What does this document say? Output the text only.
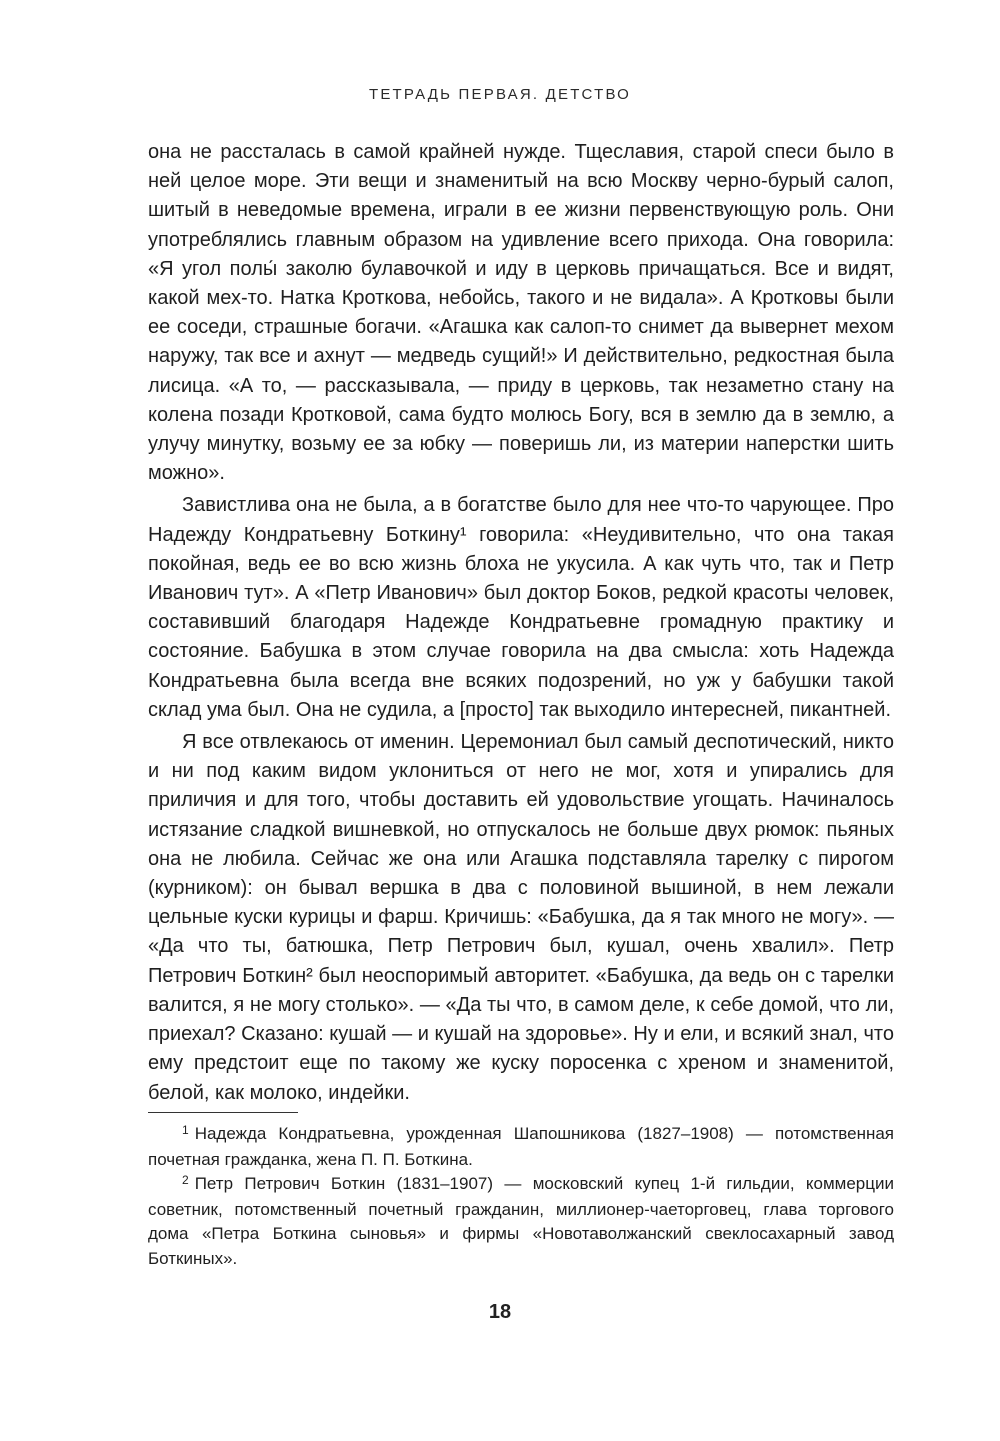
ТЕТРАДЬ ПЕРВАЯ. ДЕТСТВО

она не рассталась в самой крайней нужде. Тщеславия, старой спеси было в ней целое море. Эти вещи и знаменитый на всю Москву черно-бурый салоп, шитый в неведомые времена, играли в ее жизни первенствующую роль. Они употреблялись главным образом на удивление всего прихода. Она говорила: «Я угол полы́ заколю булавочкой и иду в церковь причащаться. Все и видят, какой мех-то. Натка Кроткова, небойсь, такого и не видала». А Кротковы были ее соседи, страшные богачи. «Агашка как салоп-то снимет да вывернет мехом наружу, так все и ахнут — медведь сущий!» И действительно, редкостная была лисица. «А то, — рассказывала, — приду в церковь, так незаметно стану на колена позади Кротковой, сама будто молюсь Богу, вся в землю да в землю, а улучу минутку, возьму ее за юбку — поверишь ли, из материи наперстки шить можно».

Завистлива она не была, а в богатстве было для нее что-то чарующее. Про Надежду Кондратьевну Боткину¹ говорила: «Неудивительно, что она такая покойная, ведь ее во всю жизнь блоха не укусила. А как чуть что, так и Петр Иванович тут». А «Петр Иванович» был доктор Боков, редкой красоты человек, составивший благодаря Надежде Кондратьевне громадную практику и состояние. Бабушка в этом случае говорила на два смысла: хоть Надежда Кондратьевна была всегда вне всяких подозрений, но уж у бабушки такой склад ума был. Она не судила, а [просто] так выходило интересней, пикантней.

Я все отвлекаюсь от именин. Церемониал был самый деспотический, никто и ни под каким видом уклониться от него не мог, хотя и упирались для приличия и для того, чтобы доставить ей удовольствие угощать. Начиналось истязание сладкой вишневкой, но отпускалось не больше двух рюмок: пьяных она не любила. Сейчас же она или Агашка подставляла тарелку с пирогом (курником): он бывал вершка в два с половиной вышиной, в нем лежали цельные куски курицы и фарш. Кричишь: «Бабушка, да я так много не могу». — «Да что ты, батюшка, Петр Петрович был, кушал, очень хвалил». Петр Петрович Боткин² был неоспоримый авторитет. «Бабушка, да ведь он с тарелки валится, я не могу столько». — «Да ты что, в самом деле, к себе домой, что ли, приехал? Сказано: кушай — и кушай на здоровье». Ну и ели, и всякий знал, что ему предстоит еще по такому же куску поросенка с хреном и знаменитой, белой, как молоко, индейки.

$^1$ Надежда Кондратьевна, урожденная Шапошникова (1827–1908) — потомственная почетная гражданка, жена П. П. Боткина.

$^2$ Петр Петрович Боткин (1831–1907) — московский купец 1-й гильдии, коммерции советник, потомственный почетный гражданин, миллионер-чаеторговец, глава торгового дома «Петра Боткина сыновья» и фирмы «Новотаволжанский свеклосахарный завод Боткиных».

18
